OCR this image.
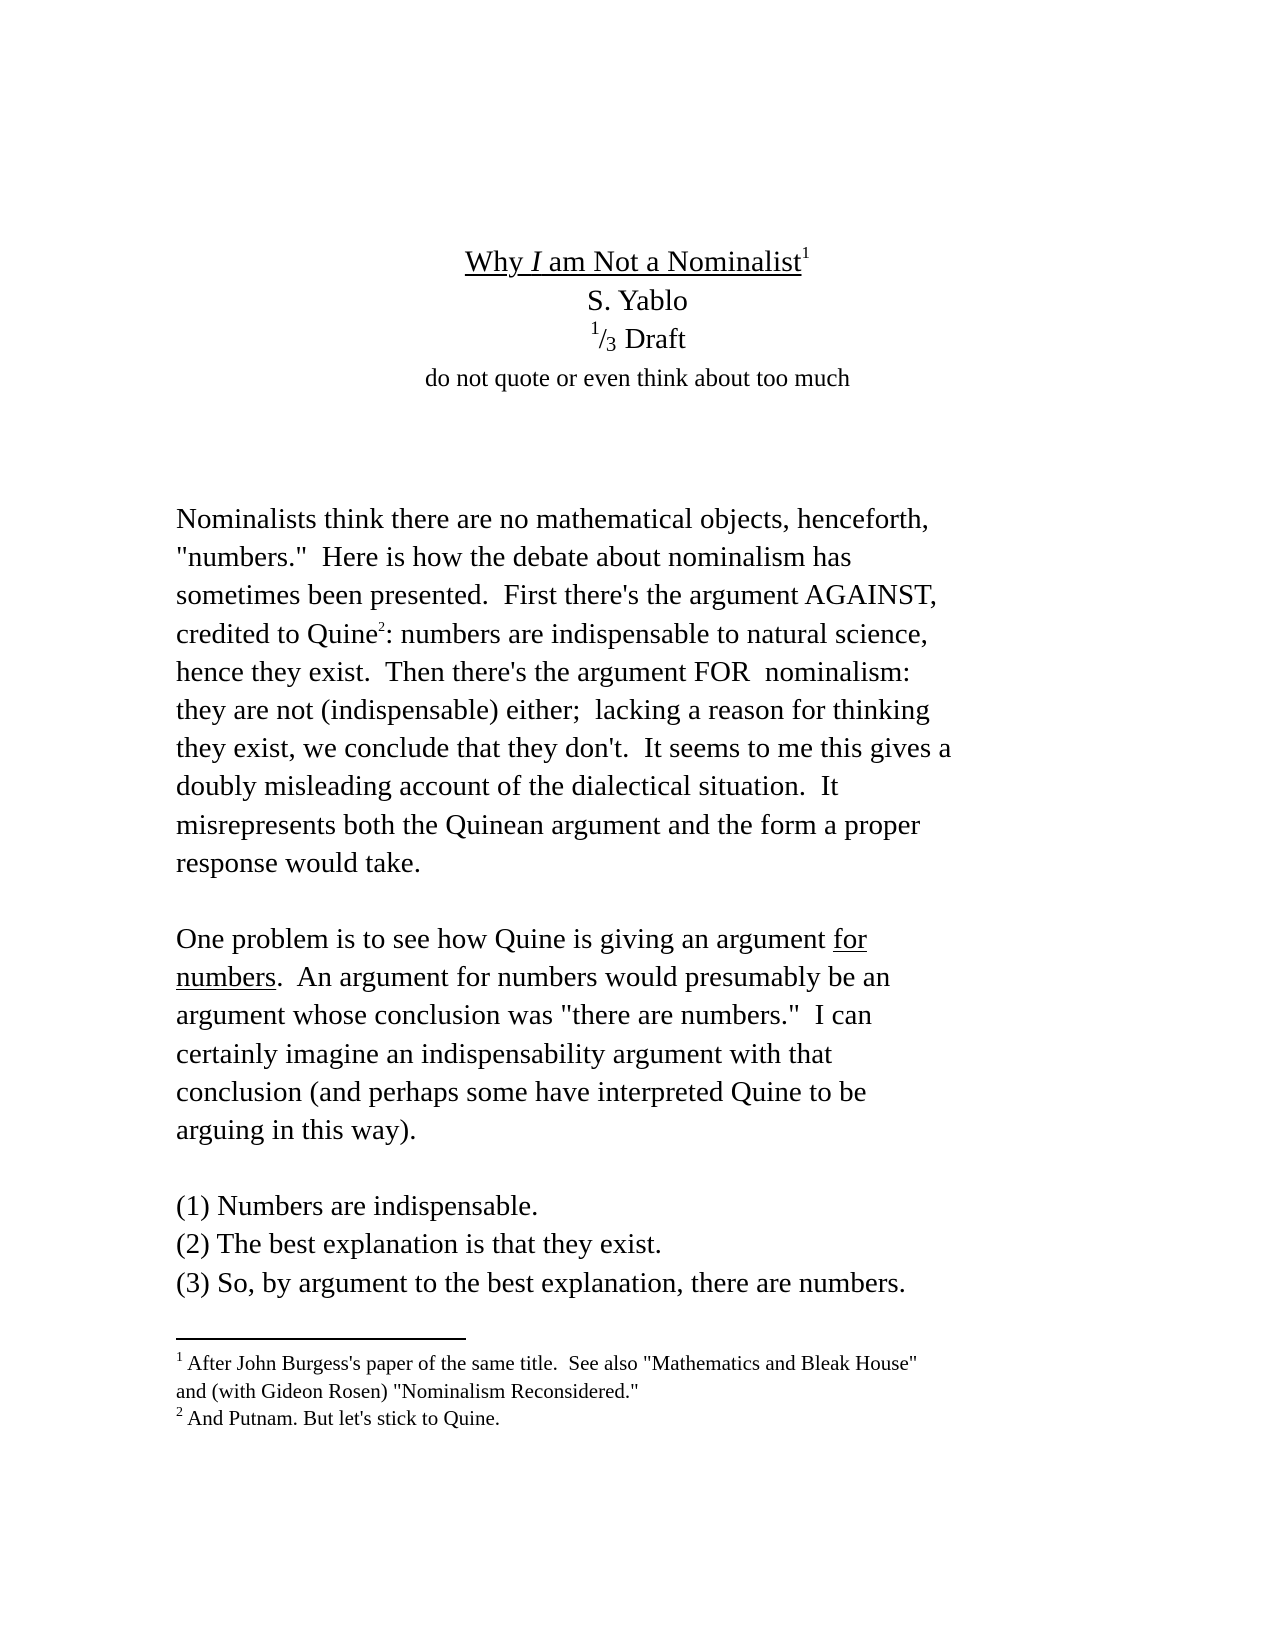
Why I am Not a Nominalist$^1$
S. Yablo
$^1$/3 Draft
do not quote or even think about too much

Nominalists think there are no mathematical objects, henceforth,
"numbers."  Here is how the debate about nominalism has
sometimes been presented.  First there's the argument AGAINST,
credited to Quine$^2$: numbers are indispensable to natural science,
hence they exist.  Then there's the argument FOR  nominalism:
they are not (indispensable) either;  lacking a reason for thinking
they exist, we conclude that they don't.  It seems to me this gives a
doubly misleading account of the dialectical situation.  It
misrepresents both the Quinean argument and the form a proper
response would take.

One problem is to see how Quine is giving an argument for
numbers.  An argument for numbers would presumably be an
argument whose conclusion was "there are numbers."  I can
certainly imagine an indispensability argument with that
conclusion (and perhaps some have interpreted Quine to be
arguing in this way).

(1) Numbers are indispensable.
(2) The best explanation is that they exist.
(3) So, by argument to the best explanation, there are numbers.

$^1$ After John Burgess's paper of the same title.  See also "Mathematics and Bleak House"
and (with Gideon Rosen) "Nominalism Reconsidered."

$^2$ And Putnam. But let's stick to Quine.
